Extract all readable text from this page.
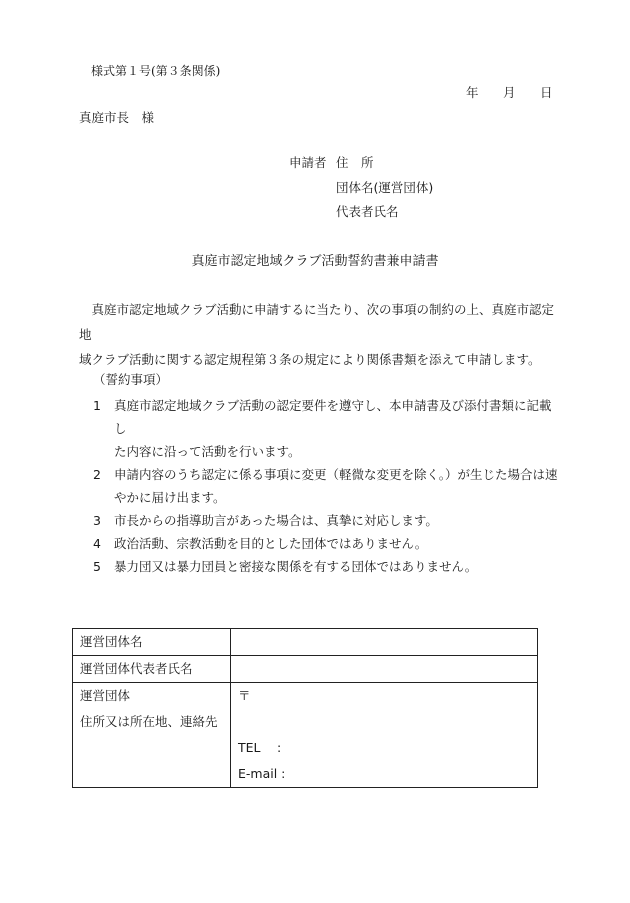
様式第１号(第３条関係)
年 月 日
真庭市長　様
申請者 住　所
団体名(運営団体)
代表者氏名
真庭市認定地域クラブ活動誓約書兼申請書

　真庭市認定地域クラブ活動に申請するに当たり、次の事項の制約の上、真庭市認定地

域クラブ活動に関する認定規程第３条の規定により関係書類を添えて申請します。

（誓約事項）
1	真庭市認定地域クラブ活動の認定要件を遵守し、本申請書及び添付書類に記載し
た内容に沿って活動を行います。
2	申請内容のうち認定に係る事項に変更（軽微な変更を除く。）が生じた場合は速
やかに届け出ます。
3	市長からの指導助言があった場合は、真摯に対応します。
4	政治活動、宗教活動を目的とした団体ではありません。
5	暴力団又は暴力団員と密接な関係を有する団体ではありません。
運営団体名	
運営団体代表者氏名	

運営団体
住所又は所在地、連絡先	〒
TEL　 :
E-mail :
